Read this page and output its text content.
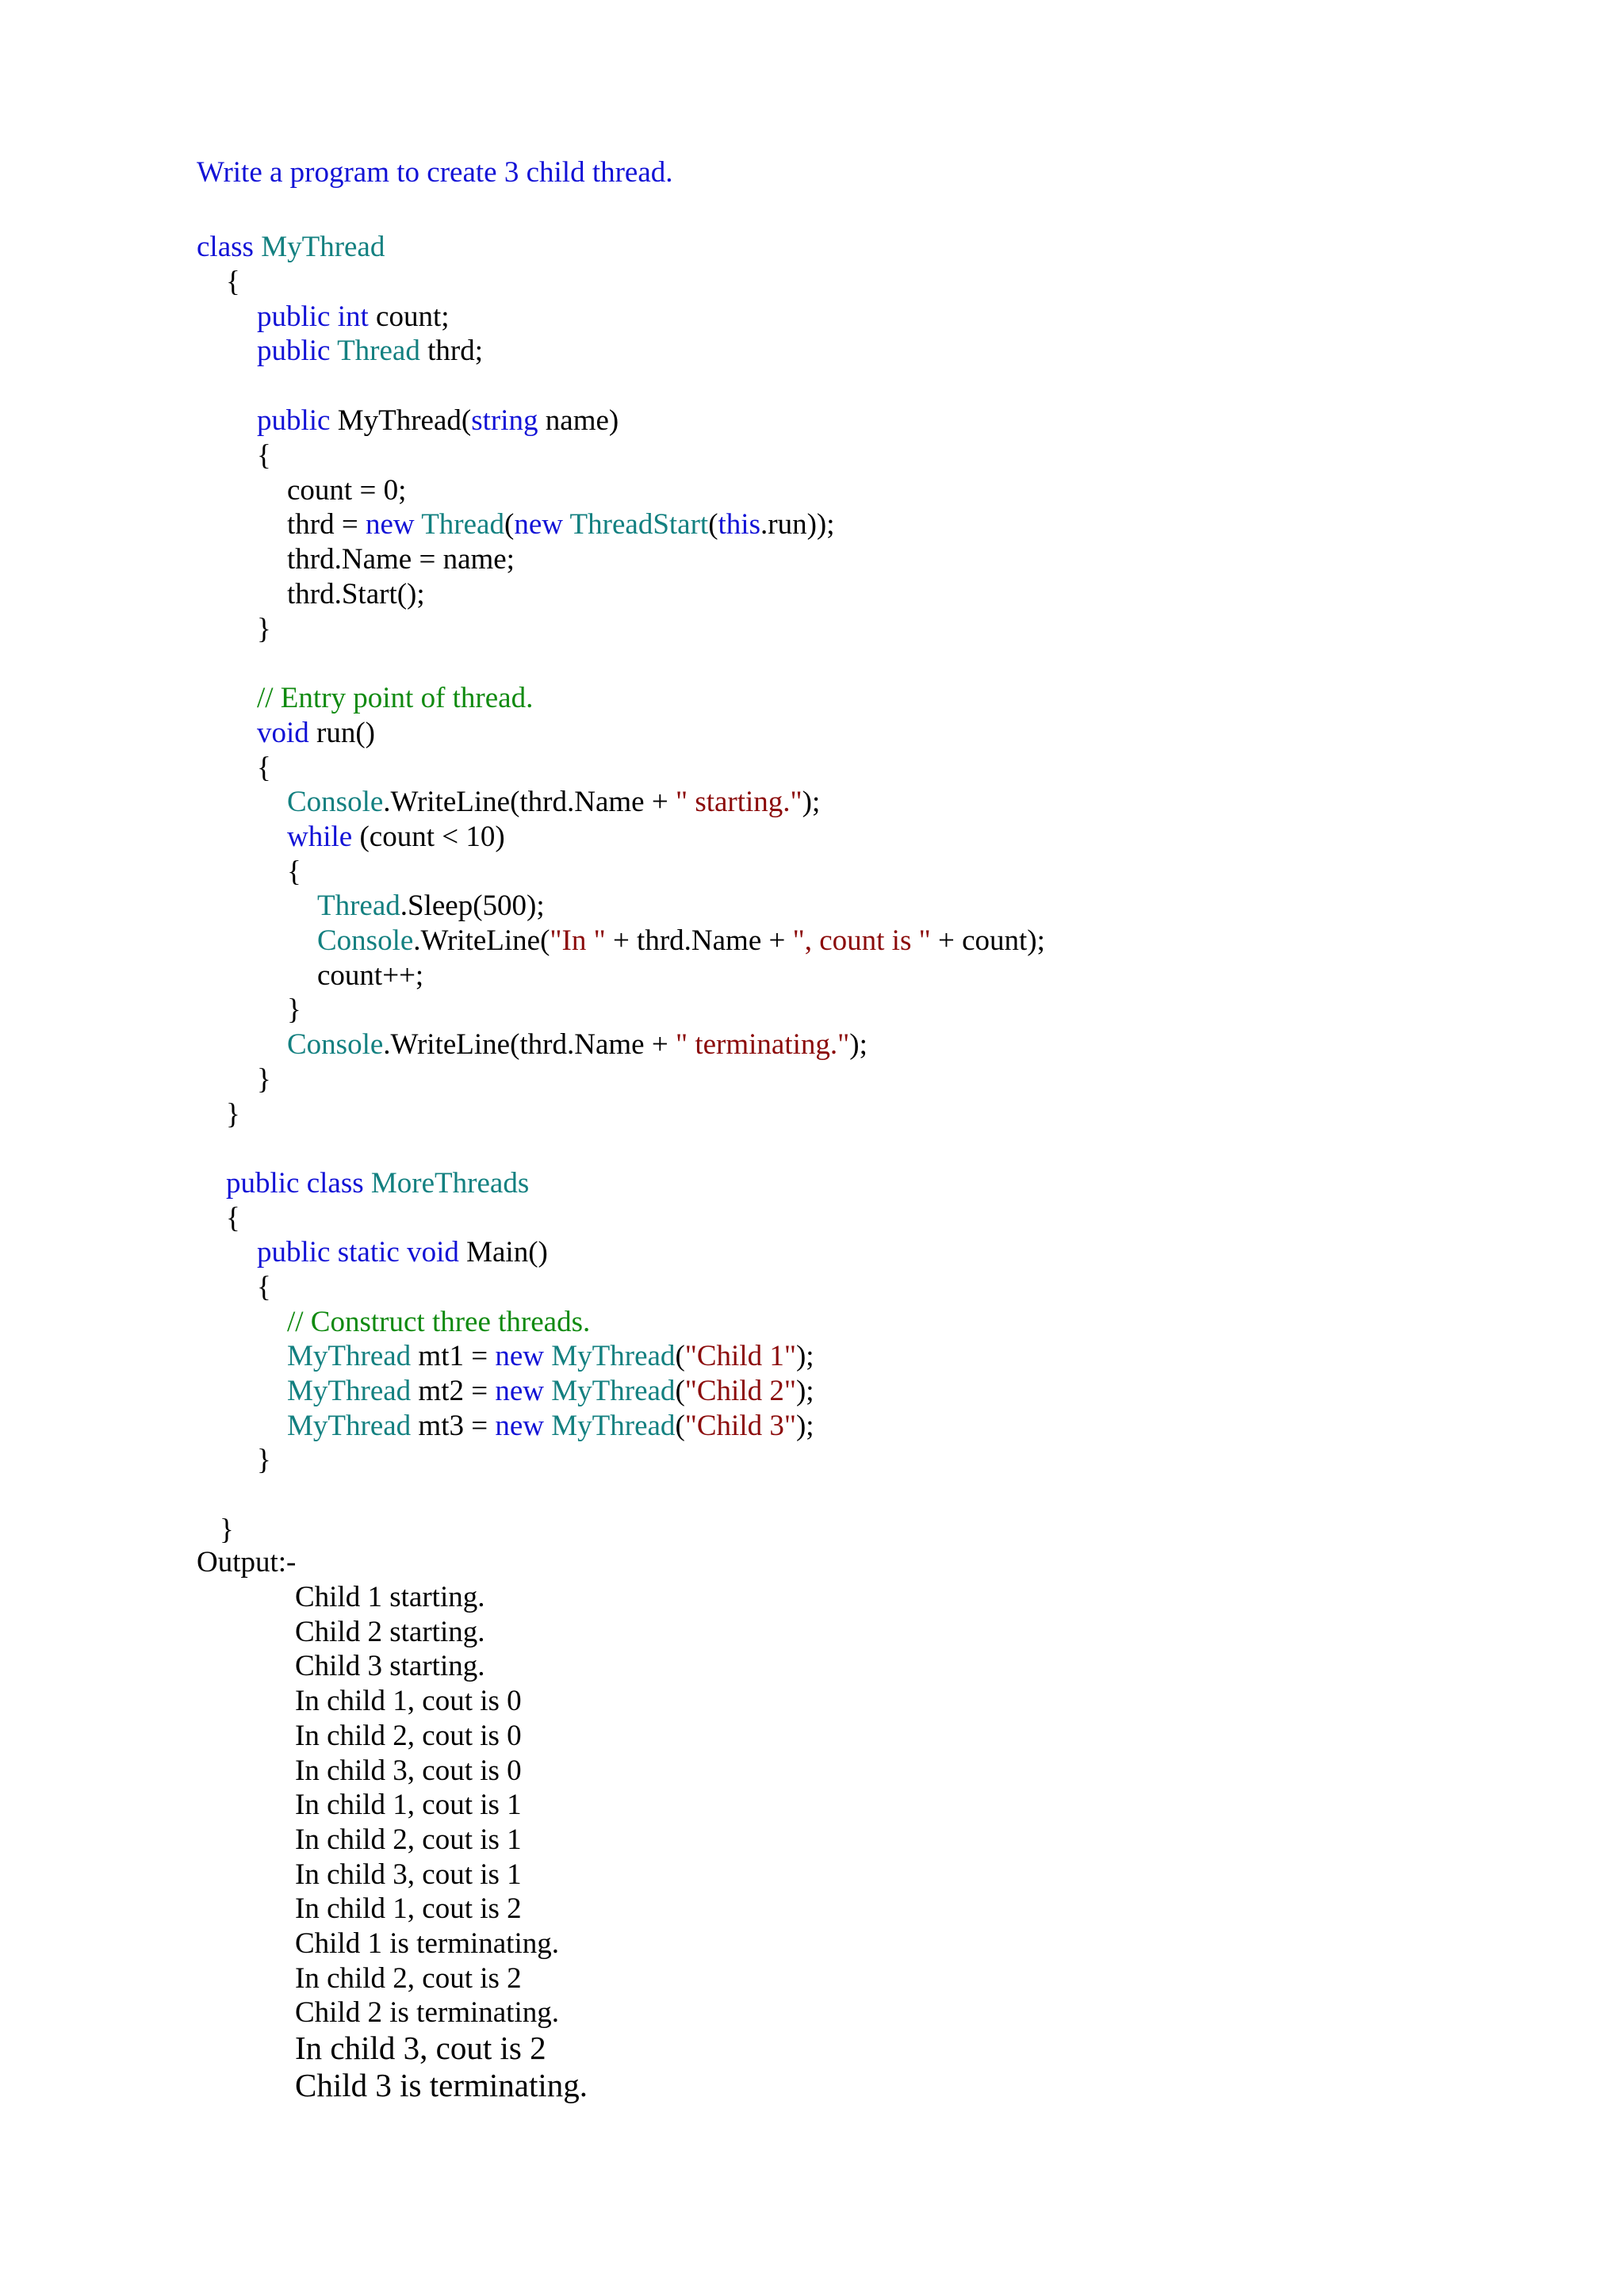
Write a program to create 3 child thread.
class MyThread
{
public int count;
public Thread thrd;
public MyThread(string name)
{
count = 0;
thrd = new Thread(new ThreadStart(this.run));
thrd.Name = name;
thrd.Start();
}
// Entry point of thread.
void run()
{
Console.WriteLine(thrd.Name + " starting.");
while (count < 10)
{
Thread.Sleep(500);
Console.WriteLine("In " + thrd.Name + ", count is " + count);
count++;
}
Console.WriteLine(thrd.Name + " terminating.");
}
}
public class MoreThreads
{
public static void Main()
{
// Construct three threads.
MyThread mt1 = new MyThread("Child 1");
MyThread mt2 = new MyThread("Child 2");
MyThread mt3 = new MyThread("Child 3");
}
}
Output:-
Child 1 starting.
Child 2 starting.
Child 3 starting.
In child 1, cout is 0
In child 2, cout is 0
In child 3, cout is 0
In child 1, cout is 1
In child 2, cout is 1
In child 3, cout is 1
In child 1, cout is 2
Child 1 is terminating.
In child 2, cout is 2
Child 2 is terminating.
In child 3, cout is 2
Child 3 is terminating.
